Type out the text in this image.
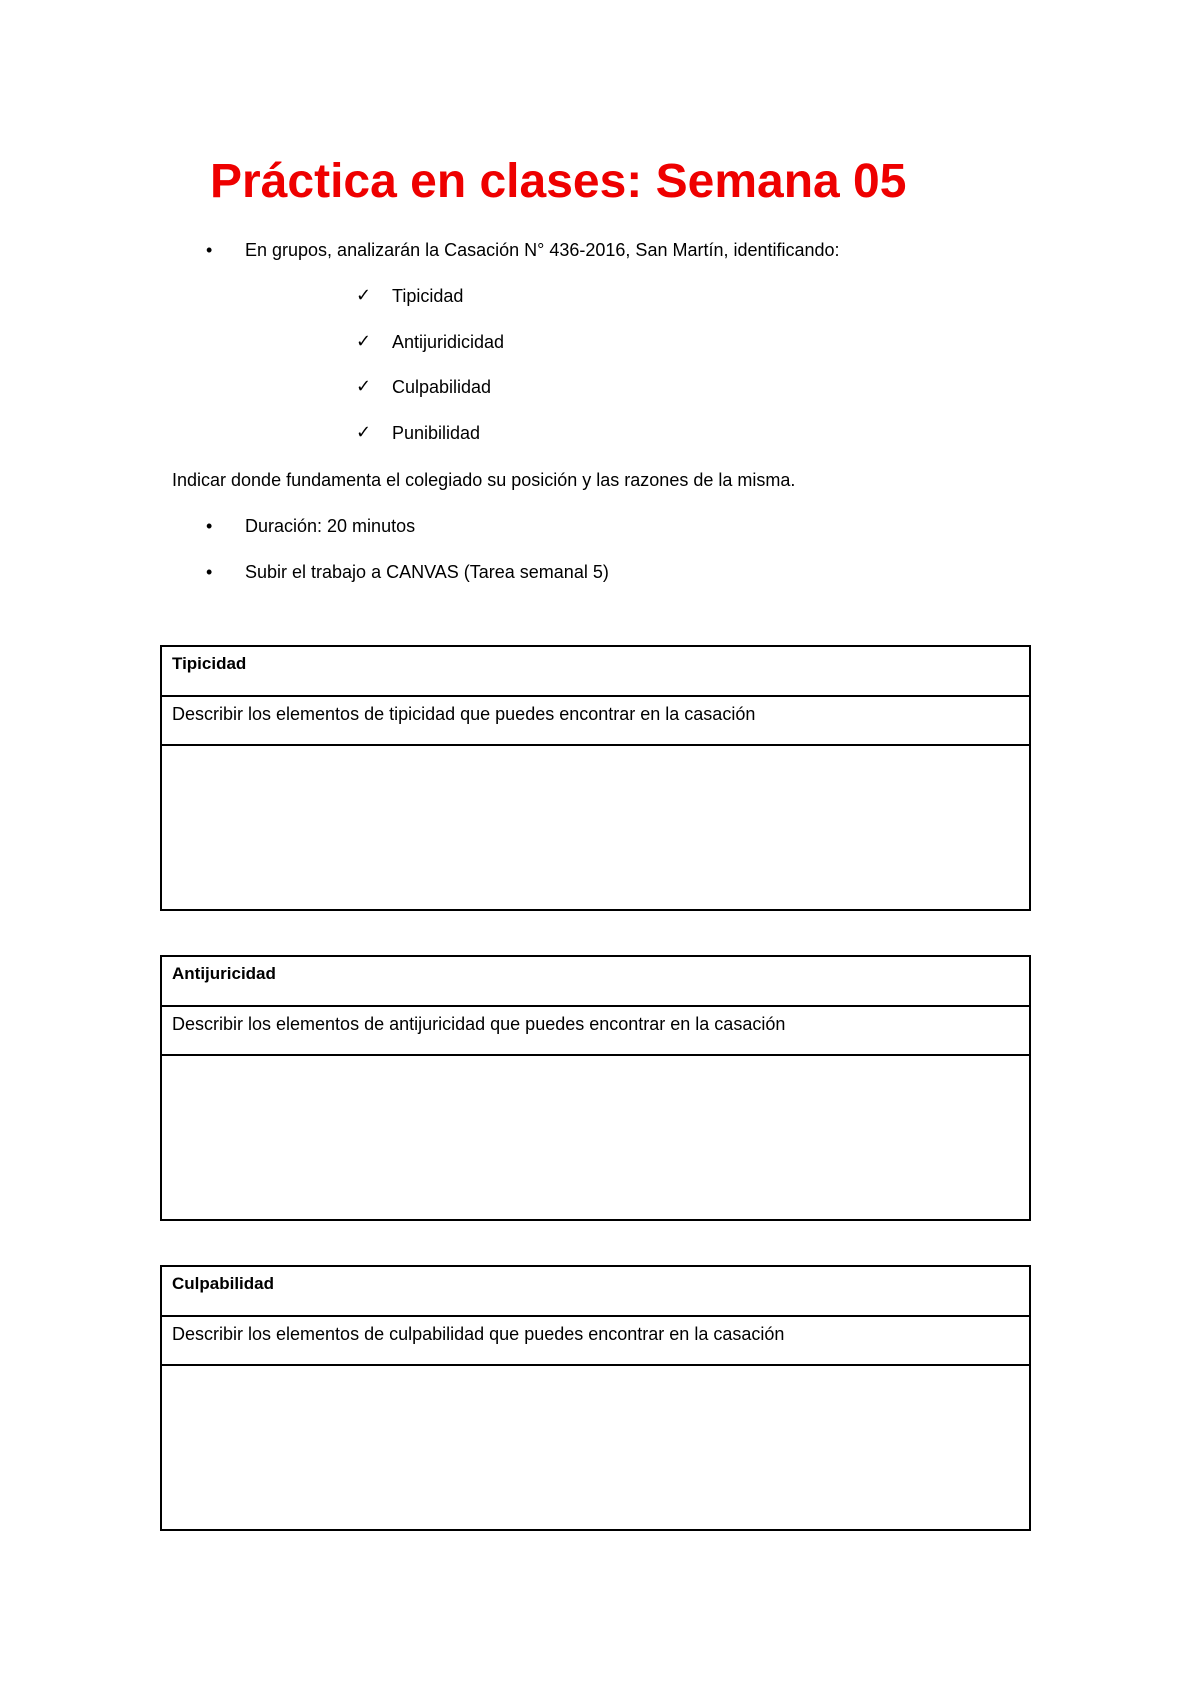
Práctica en clases: Semana 05
• En grupos, analizarán la Casación N° 436-2016, San Martín, identificando:
✓ Tipicidad
✓ Antijuridicidad
✓ Culpabilidad
✓ Punibilidad
Indicar donde fundamenta el colegiado su posición y las razones de la misma.
• Duración: 20 minutos
• Subir el trabajo a CANVAS (Tarea semanal 5)
Tipicidad
Describir los elementos de tipicidad que puedes encontrar en la casación
Antijuricidad
Describir los elementos de antijuricidad que puedes encontrar en la casación
Culpabilidad
Describir los elementos de culpabilidad que puedes encontrar en la casación
